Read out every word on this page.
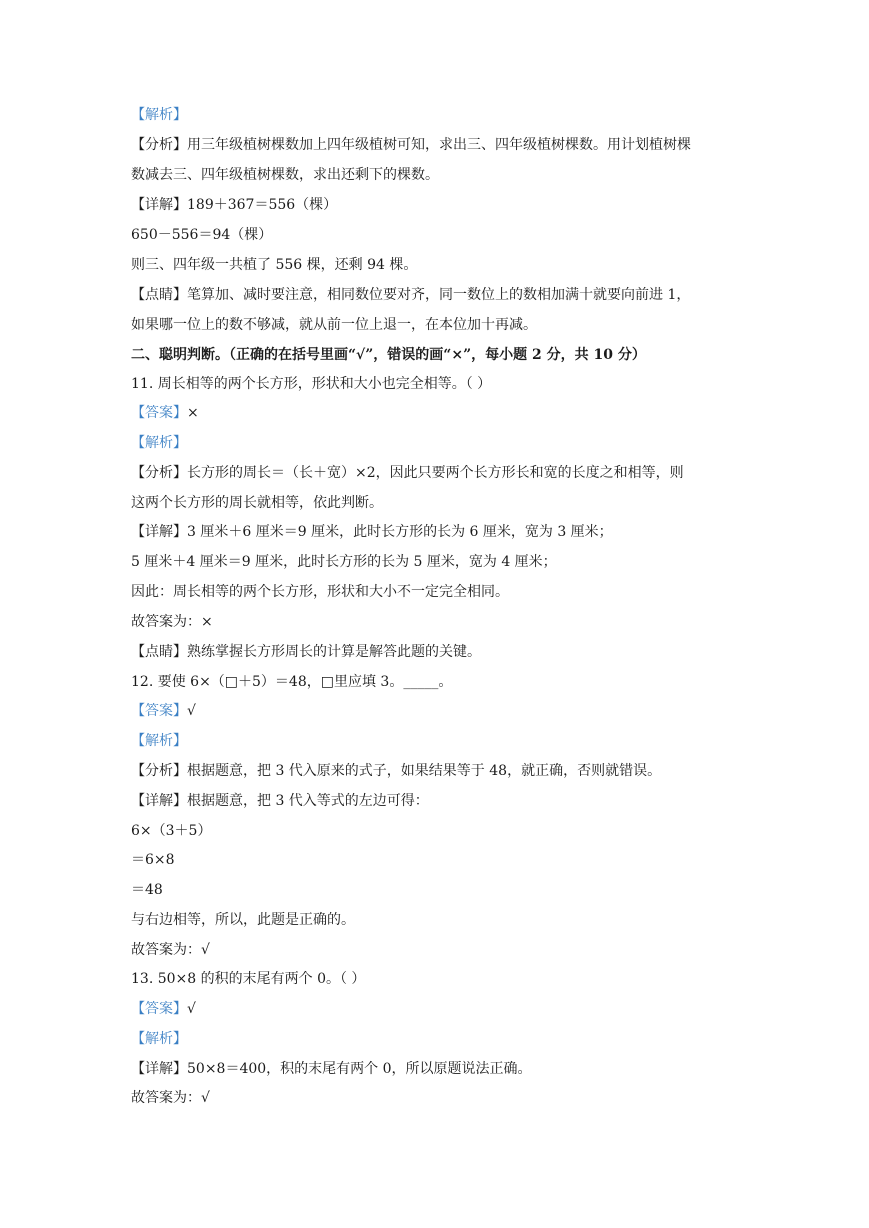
【解析】
【分析】用三年级植树棵数加上四年级植树可知，求出三、四年级植树棵数。用计划植树棵
数减去三、四年级植树棵数，求出还剩下的棵数。
【详解】189＋367＝556（棵）
650－556＝94（棵）
则三、四年级一共植了 556 棵，还剩 94 棵。
【点睛】笔算加、减时要注意，相同数位要对齐，同一数位上的数相加满十就要向前进 1，
如果哪一位上的数不够减，就从前一位上退一，在本位加十再减。
二、聪明判断。（正确的在括号里画“√”，错误的画“×”，每小题 2 分，共 10 分）
11. 周长相等的两个长方形，形状和大小也完全相等。（ ）
【答案】×
【解析】
【分析】长方形的周长＝（长＋宽）×2，因此只要两个长方形长和宽的长度之和相等，则
这两个长方形的周长就相等，依此判断。
【详解】3 厘米＋6 厘米＝9 厘米，此时长方形的长为 6 厘米，宽为 3 厘米；
5 厘米＋4 厘米＝9 厘米，此时长方形的长为 5 厘米，宽为 4 厘米；
因此：周长相等的两个长方形，形状和大小不一定完全相同。
故答案为：×
【点睛】熟练掌握长方形周长的计算是解答此题的关键。
12. 要使 6×（□＋5）＝48，□里应填 3。_____。
【答案】√
【解析】
【分析】根据题意，把 3 代入原来的式子，如果结果等于 48，就正确，否则就错误。
【详解】根据题意，把 3 代入等式的左边可得：
6×（3＋5）
＝6×8
＝48
与右边相等，所以，此题是正确的。
故答案为：√
13. 50×8 的积的末尾有两个 0。（ ）
【答案】√
【解析】
【详解】50×8＝400，积的末尾有两个 0，所以原题说法正确。
故答案为：√
